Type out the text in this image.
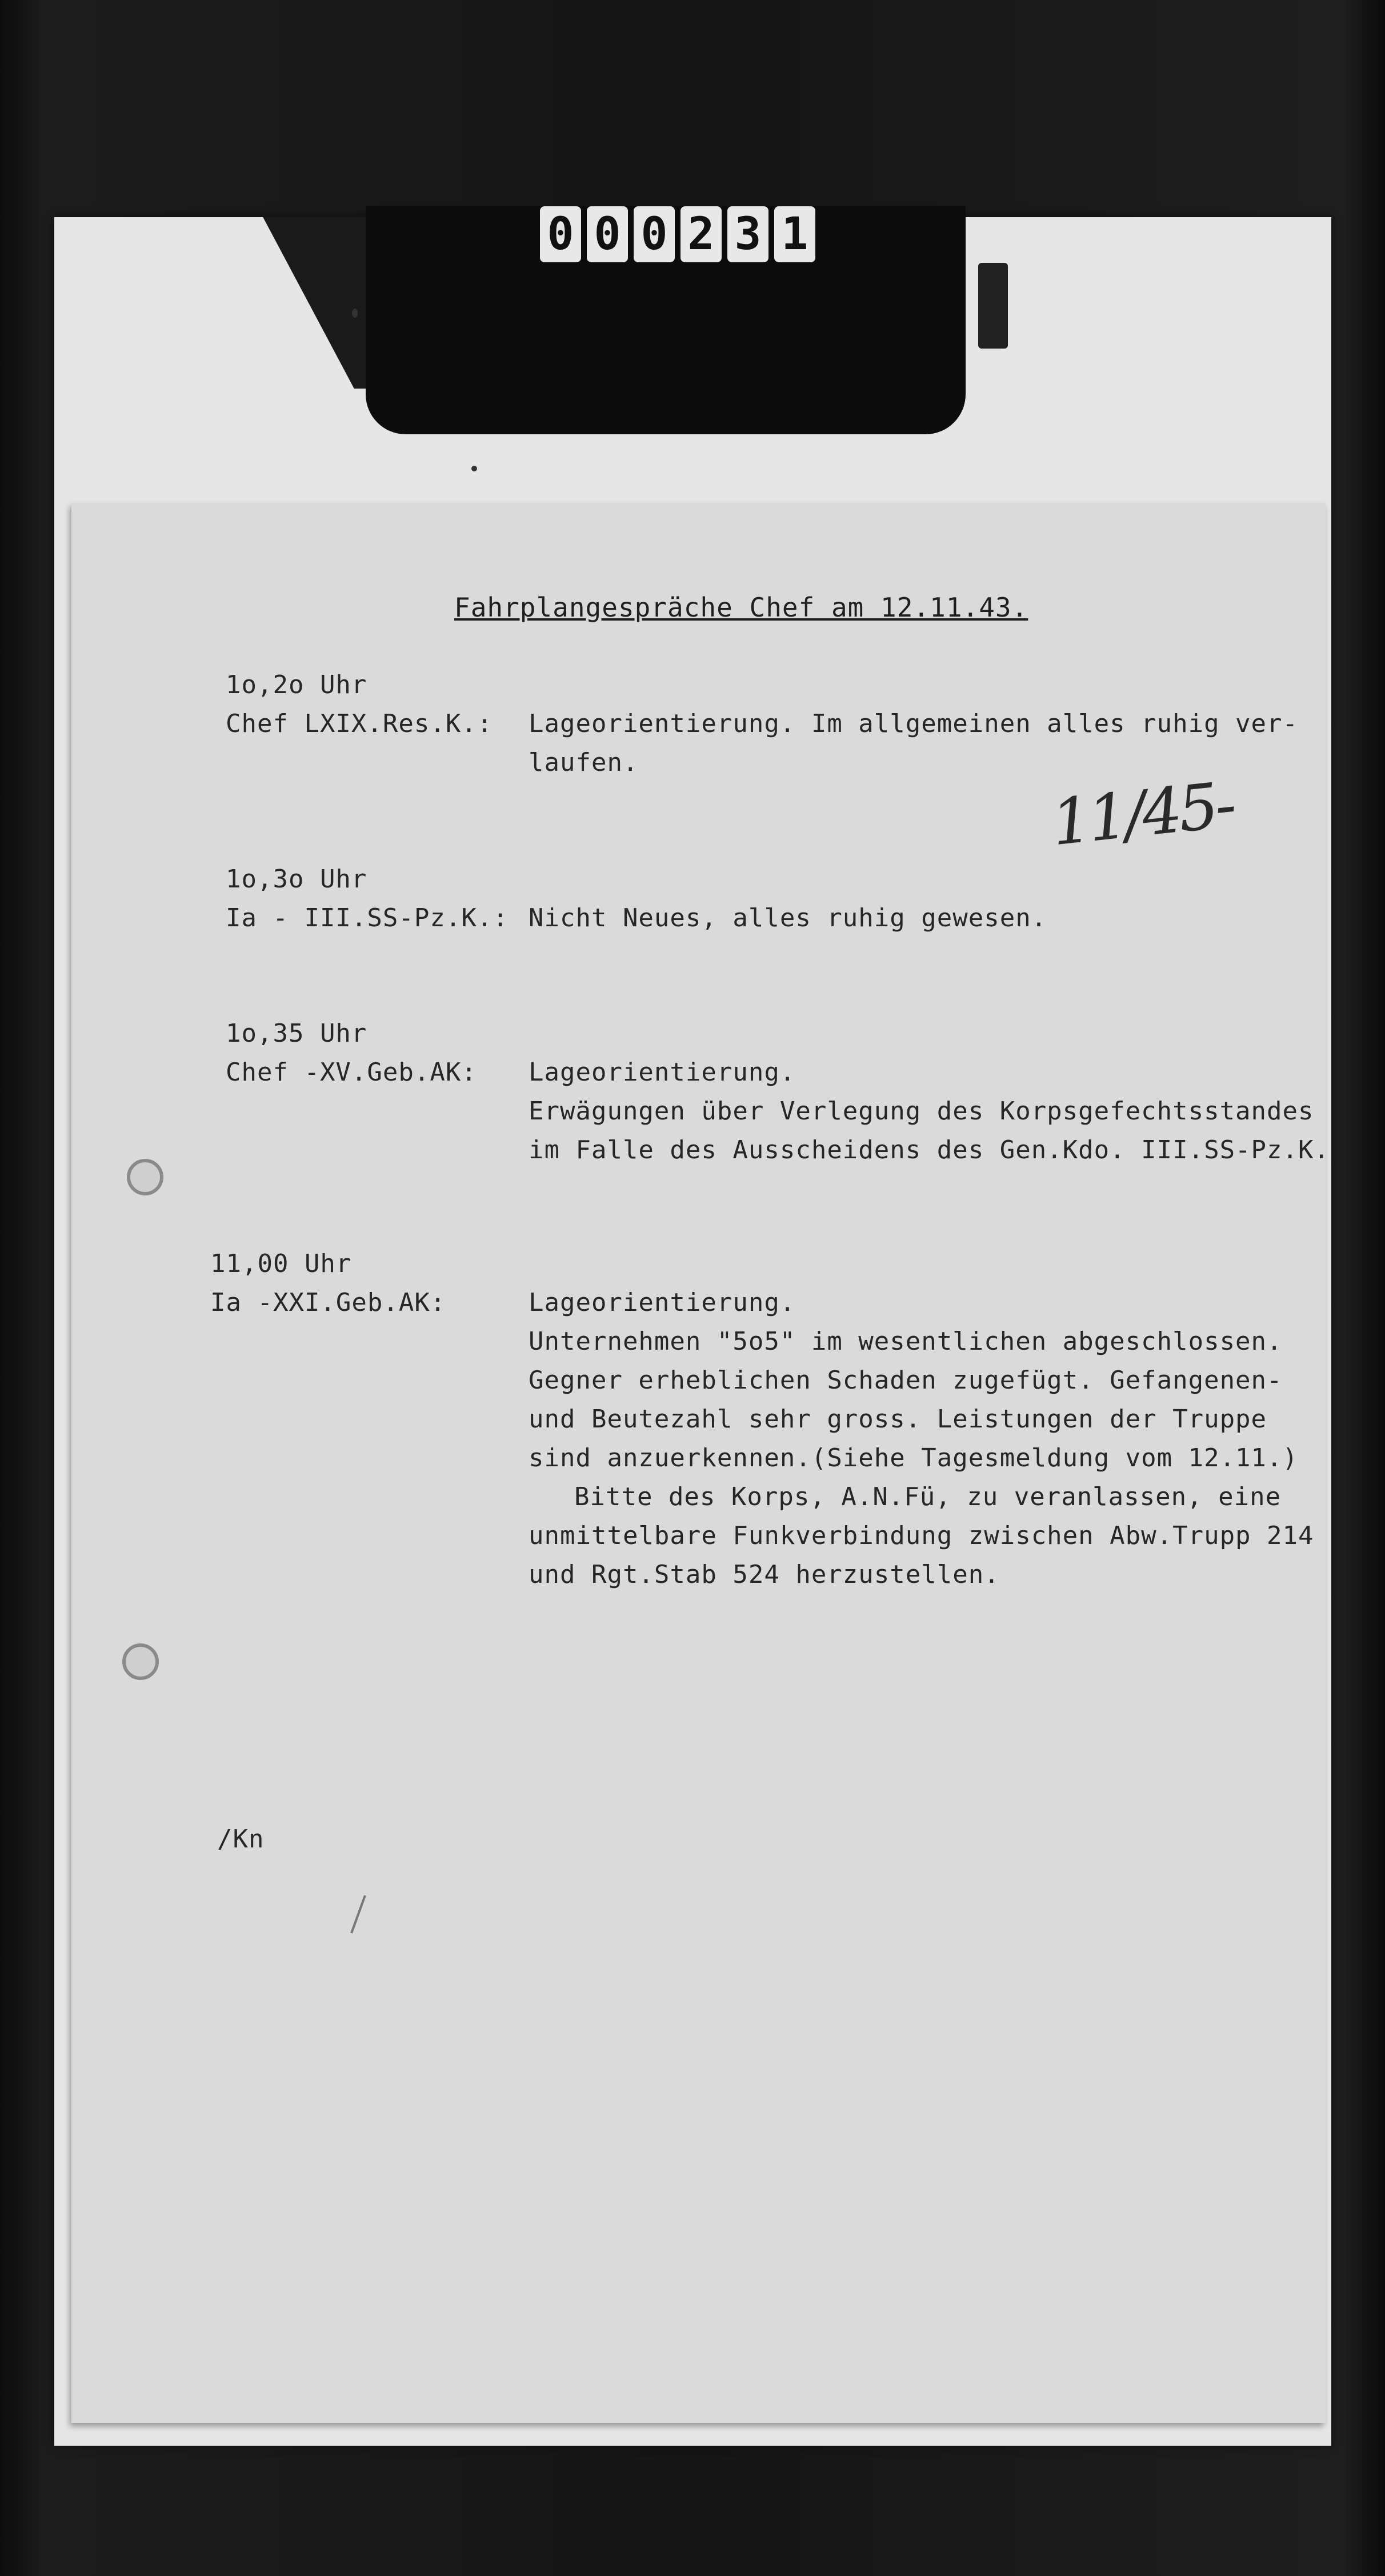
0 0 0 2 3 1
Fahrplangespräche Chef am 12.11.43.
11/45-
1o,2o Uhr
Chef LXIX.Res.K.: Lageorientierung. Im allgemeinen alles ruhig ver-
laufen.
1o,3o Uhr
Ia - III.SS-Pz.K.: Nicht Neues, alles ruhig gewesen.
1o,35 Uhr
Chef -XV.Geb.AK: Lageorientierung.
Erwägungen über Verlegung des Korpsgefechtsstandes
im Falle des Ausscheidens des Gen.Kdo. III.SS-Pz.K.
11,00 Uhr
Ia -XXI.Geb.AK:	Lageorientierung.
Unternehmen "5o5" im wesentlichen abgeschlossen.
Gegner erheblichen Schaden zugefügt. Gefangenen-
und Beutezahl sehr gross. Leistungen der Truppe
sind anzuerkennen.(Siehe Tagesmeldung vom 12.11.)
Bitte des Korps, A.N.Fü, zu veranlassen, eine
unmittelbare Funkverbindung zwischen Abw.Trupp 214
und Rgt.Stab 524 herzustellen.
/Kn
